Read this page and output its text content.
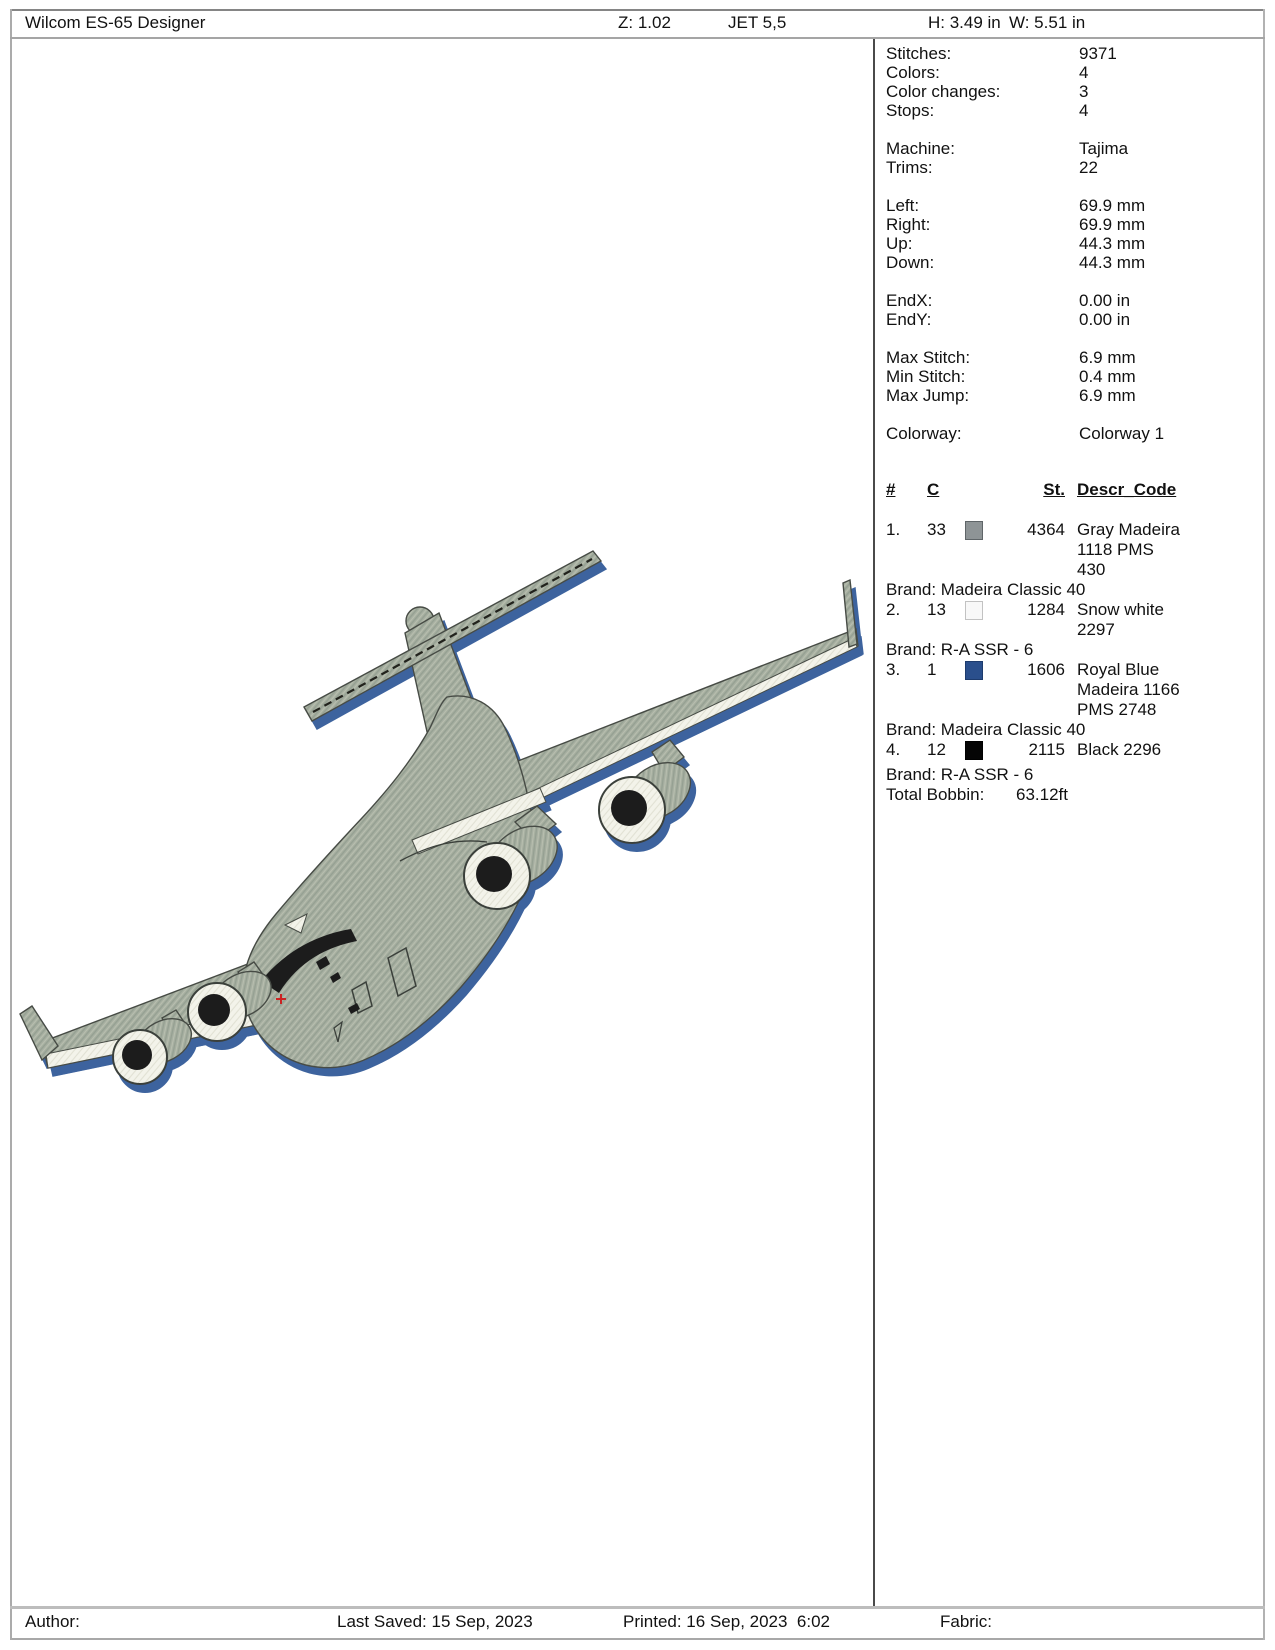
Wilcom ES-65 Designer	Z: 1.02	JET 5,5	H: 3.49 in W: 5.51 in
Stitches:	9371
Colors:	4
Color changes:	3
Stops:	4
Machine:	Tajima
Trims:	22
Left:	69.9 mm
Right:	69.9 mm
Up:	44.3 mm
Down:	44.3 mm
EndX:	0.00 in
EndY:	0.00 in
Max Stitch:	6.9 mm
Min Stitch:	0.4 mm
Max Jump:	6.9 mm
Colorway:	Colorway 1
#	C	St. Descr_Code
1.	33	4364 Gray Madeira 1118 PMS 430
Brand: Madeira Classic 40
2.	13	1284 Snow white 2297
Brand: R-A SSR - 6
3.	1	1606 Royal Blue Madeira 1166 PMS 2748
Brand: Madeira Classic 40
4.	12	2115 Black 2296
Brand: R-A SSR - 6
Total Bobbin:	63.12ft
Author:	Last Saved: 15 Sep, 2023	Printed: 16 Sep, 2023  6:02	Fabric:
